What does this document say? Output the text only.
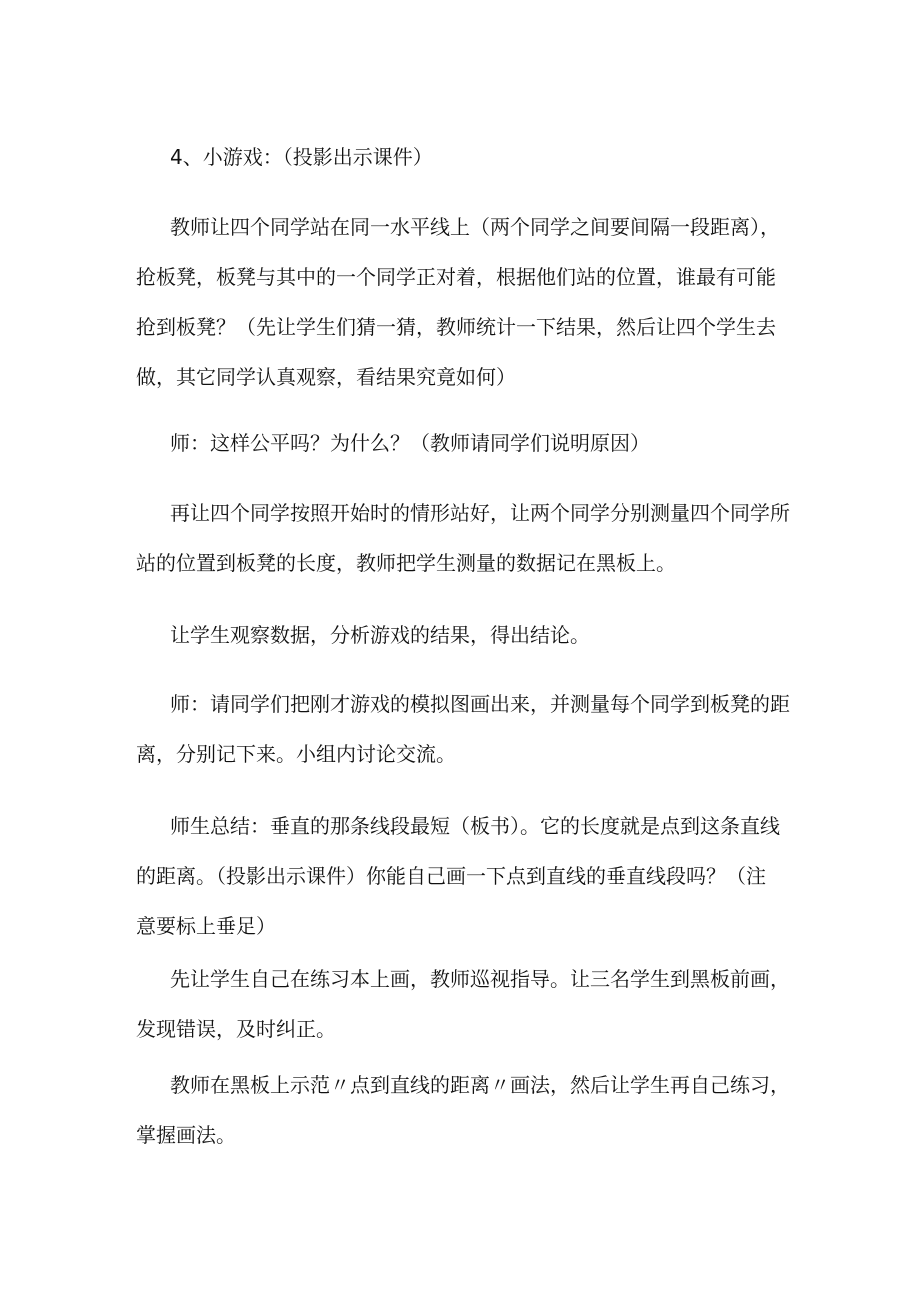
4、小游戏：（投影出示课件）
教师让四个同学站在同一水平线上（两个同学之间要间隔一段距离），
抢板凳，板凳与其中的一个同学正对着，根据他们站的位置，谁最有可能
抢到板凳？（先让学生们猜一猜，教师统计一下结果，然后让四个学生去
做，其它同学认真观察，看结果究竟如何）
师：这样公平吗？为什么？（教师请同学们说明原因）
再让四个同学按照开始时的情形站好，让两个同学分别测量四个同学所
站的位置到板凳的长度，教师把学生测量的数据记在黑板上。
让学生观察数据，分析游戏的结果，得出结论。
师：请同学们把刚才游戏的模拟图画出来，并测量每个同学到板凳的距
离，分别记下来。小组内讨论交流。
师生总结：垂直的那条线段最短（板书）。它的长度就是点到这条直线
的距离。（投影出示课件）你能自己画一下点到直线的垂直线段吗？（注
意要标上垂足）
先让学生自己在练习本上画，教师巡视指导。让三名学生到黑板前画，
发现错误，及时纠正。
教师在黑板上示范〃点到直线的距离〃画法，然后让学生再自己练习，
掌握画法。
